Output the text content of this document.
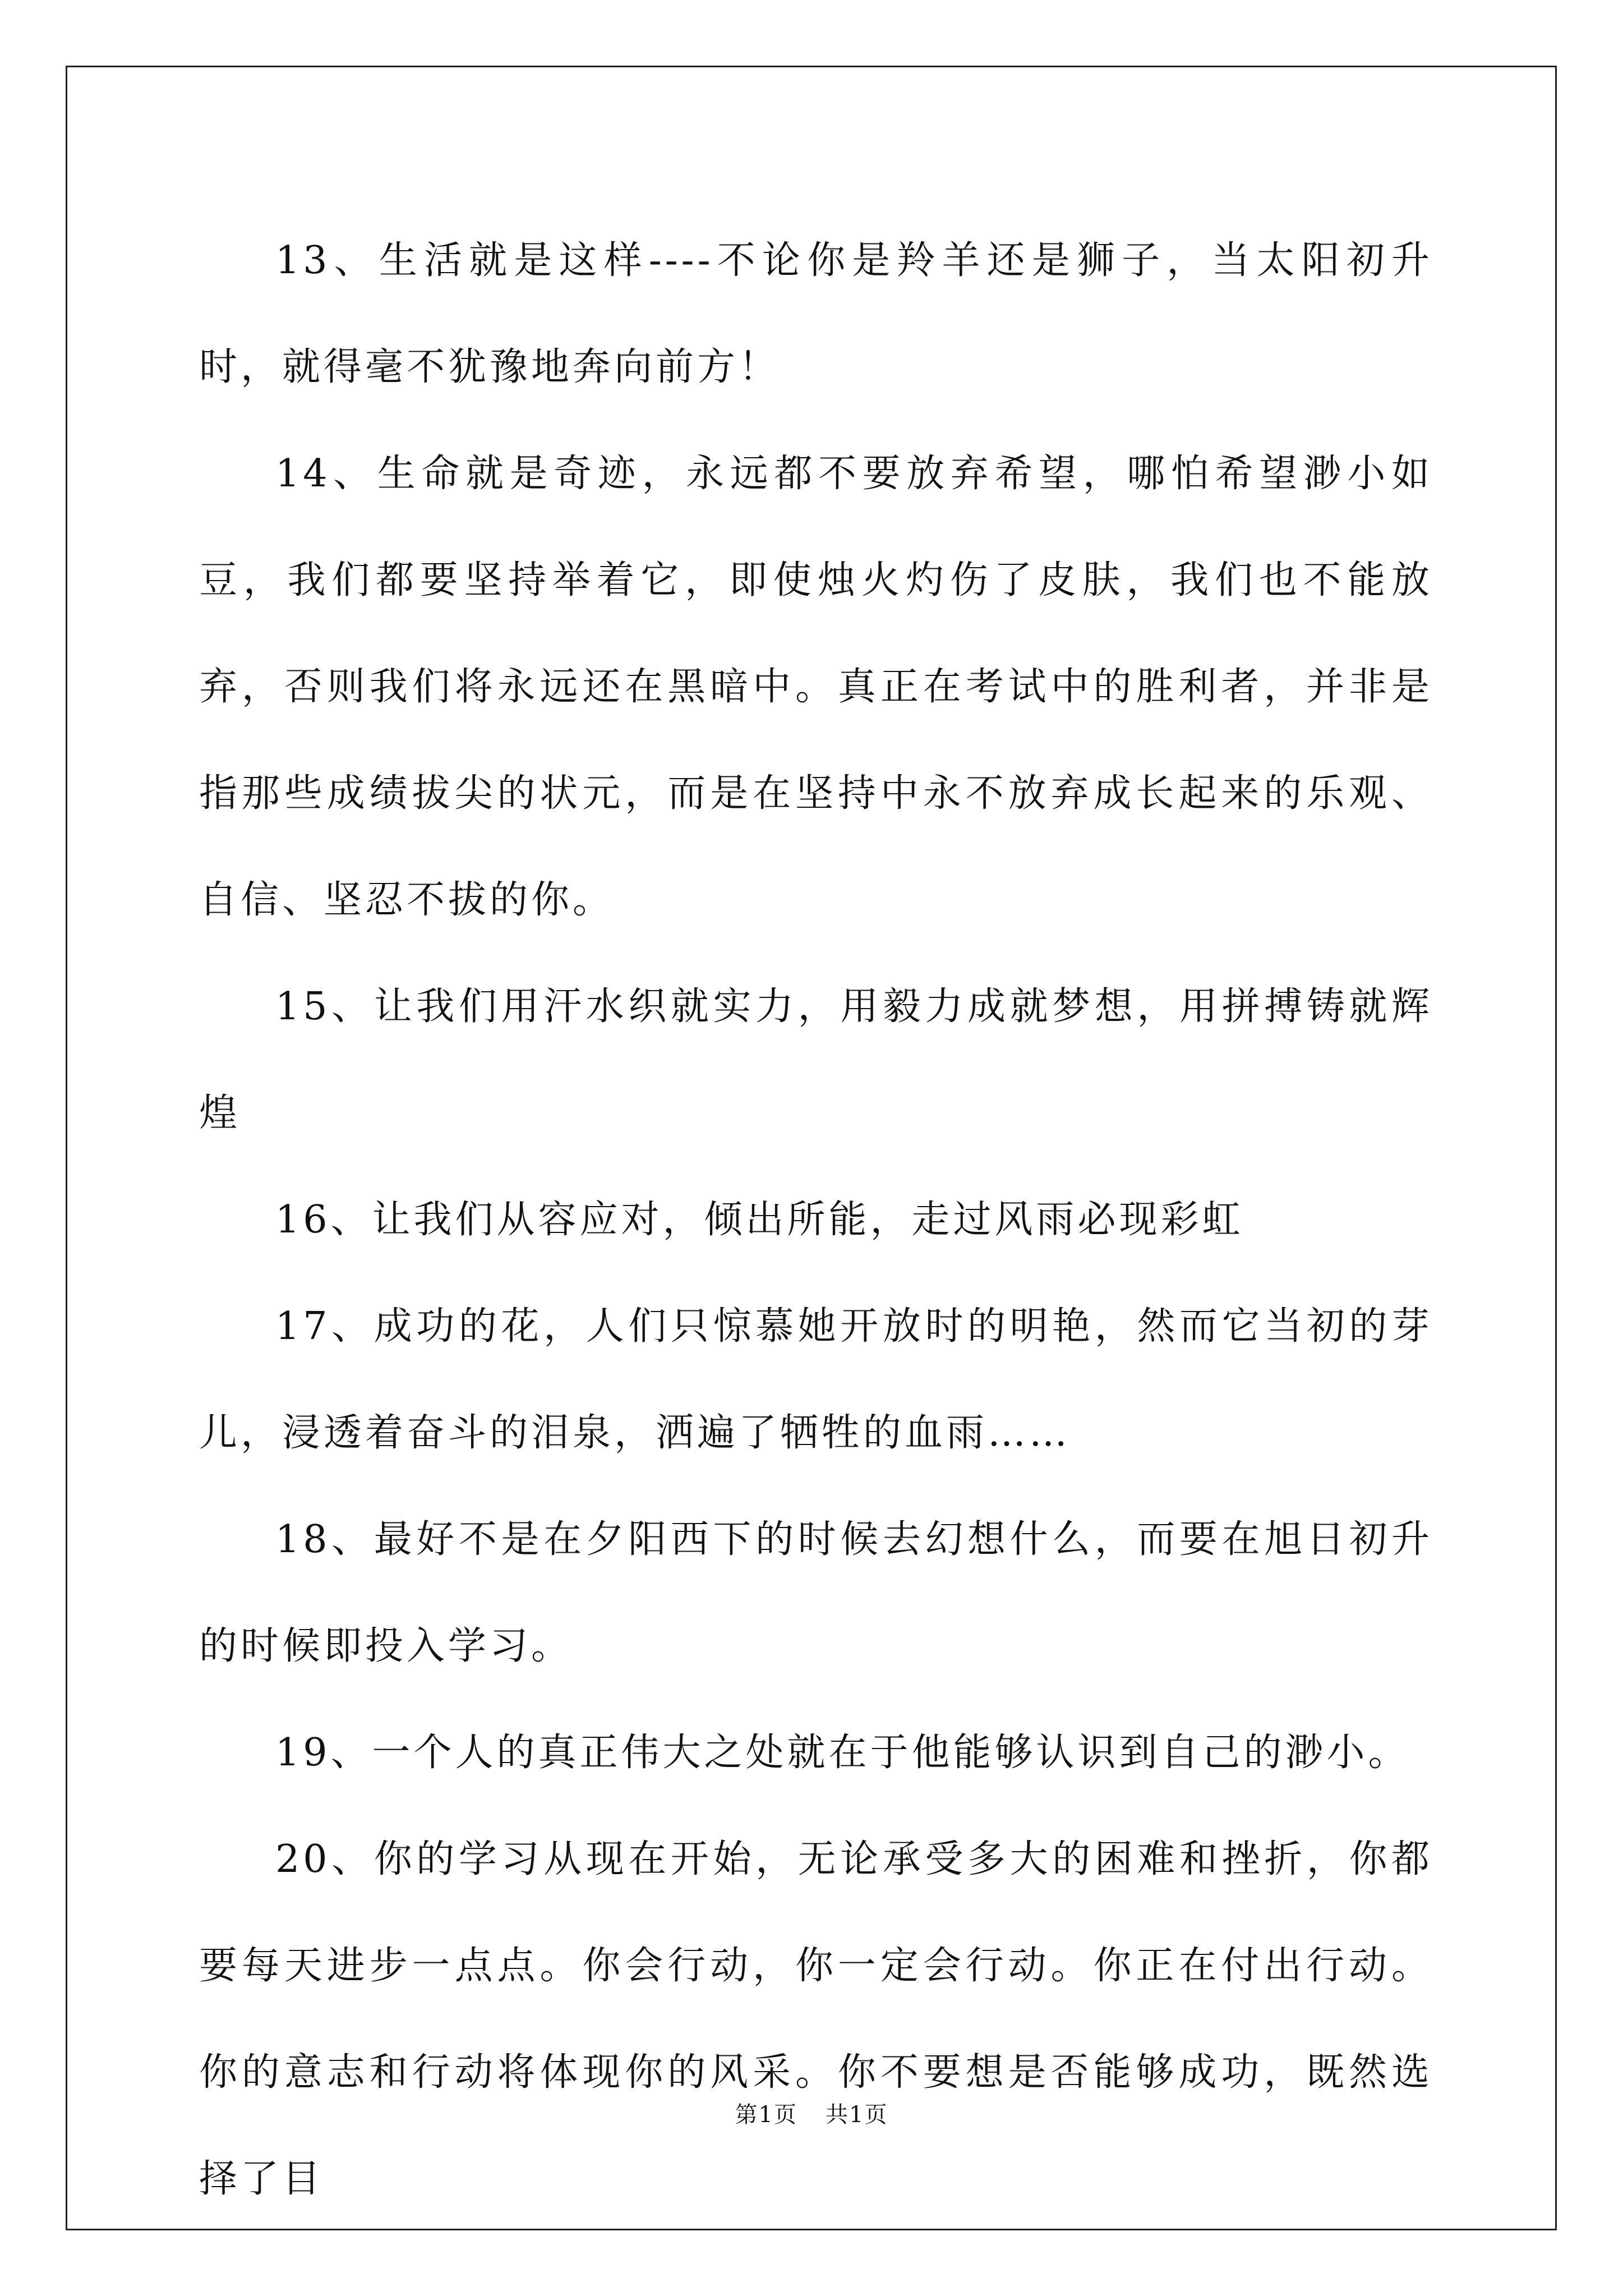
13、生活就是这样----不论你是羚羊还是狮子，当太阳初升时，就得毫不犹豫地奔向前方！

14、生命就是奇迹，永远都不要放弃希望，哪怕希望渺小如豆，我们都要坚持举着它，即使烛火灼伤了皮肤，我们也不能放弃，否则我们将永远还在黑暗中。真正在考试中的胜利者，并非是指那些成绩拔尖的状元，而是在坚持中永不放弃成长起来的乐观、自信、坚忍不拔的你。

15、让我们用汗水织就实力，用毅力成就梦想，用拼搏铸就辉煌

16、让我们从容应对，倾出所能，走过风雨必现彩虹

17、成功的花，人们只惊慕她开放时的明艳，然而它当初的芽儿，浸透着奋斗的泪泉，洒遍了牺牲的血雨……

18、最好不是在夕阳西下的时候去幻想什么，而要在旭日初升的时候即投入学习。

19、一个人的真正伟大之处就在于他能够认识到自己的渺小。

20、你的学习从现在开始，无论承受多大的困难和挫折，你都要每天进步一点点。你会行动，你一定会行动。你正在付出行动。你的意志和行动将体现你的风采。你不要想是否能够成功，既然选择了目

第1页 共1页
